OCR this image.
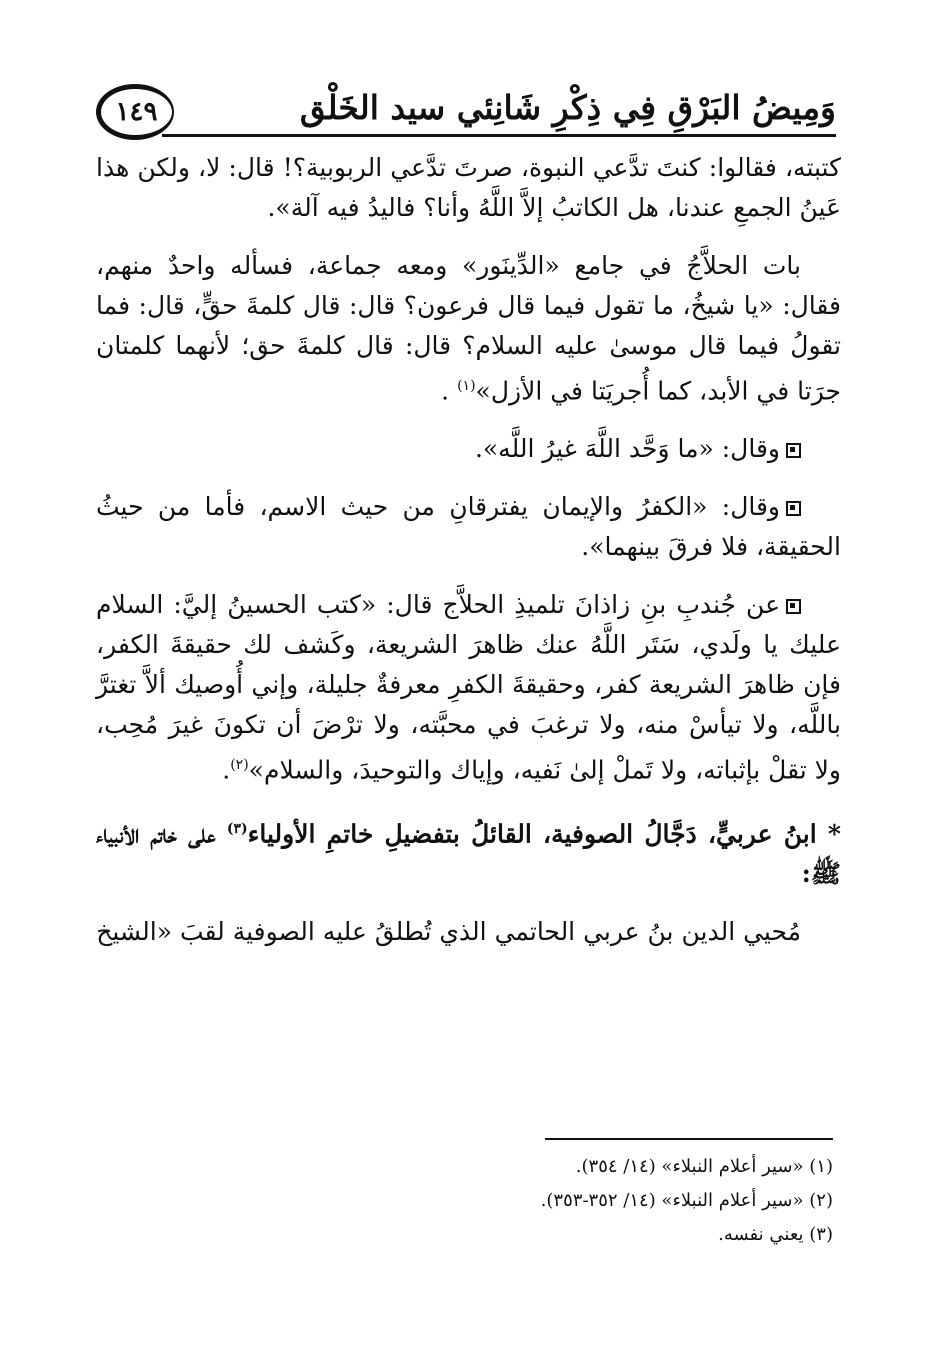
١٤٩	وَمِيضُ البَرْقِ فِي ذِكْرِ شَانِئي سيد الخَلْق

كتبته، فقالوا: كنتَ تدَّعي النبوة، صرتَ تدَّعي الربوبية؟! قال: لا، ولكن هذا عَينُ الجمعِ عندنا، هل الكاتبُ إلاَّ اللَّهُ وأنا؟ فاليدُ فيه آلة».

بات الحلاَّجُ في جامع «الدِّينَور» ومعه جماعة، فسأله واحدٌ منهم، فقال: «يا شيخُ، ما تقول فيما قال فرعون؟ قال: قال كلمةَ حقٍّ، قال: فما تقولُ فيما قال موسىٰ عليه السلام؟ قال: قال كلمةَ حق؛ لأنهما كلمتان جرَتا في الأبد، كما أُجريَتا في الأزل»$^{(١)}$ .

وقال: «ما وَحَّد اللَّهَ غيرُ اللَّه».

وقال: «الكفرُ والإيمان يفترقانِ من حيث الاسم، فأما من حيثُ الحقيقة، فلا فرقَ بينهما».

عن جُندبِ بنِ زاذانَ تلميذِ الحلاَّج قال: «كتب الحسينُ إليَّ: السلام عليك يا ولَدي، سَتَر اللَّهُ عنك ظاهرَ الشريعة، وكَشف لك حقيقةَ الكفر، فإن ظاهرَ الشريعة كفر، وحقيقةَ الكفرِ معرفةٌ جليلة، وإني أُوصيك ألاَّ تغترَّ باللَّه، ولا تيأسْ منه، ولا ترغبَ في محبَّته، ولا ترْضَ أن تكونَ غيرَ مُحِب، ولا تقلْ بإثباته، ولا تَملْ إلىٰ نَفيه، وإياك والتوحيدَ، والسلام»$^{(٢)}$.

* ابنُ عربيٍّ، دَجَّالُ الصوفية، القائلُ بتفضيلِ خاتمِ الأولياء$^{(٣)}$ على خاتم الأنبياء ﷺ:

مُحيي الدين بنُ عربي الحاتمي الذي تُطلقُ عليه الصوفية لقبَ «الشيخ

(١) «سير أعلام النبلاء» (١٤/ ٣٥٤).
(٢) «سير أعلام النبلاء» (١٤/ ٣٥٢-٣٥٣).
(٣) يعني نفسه.
